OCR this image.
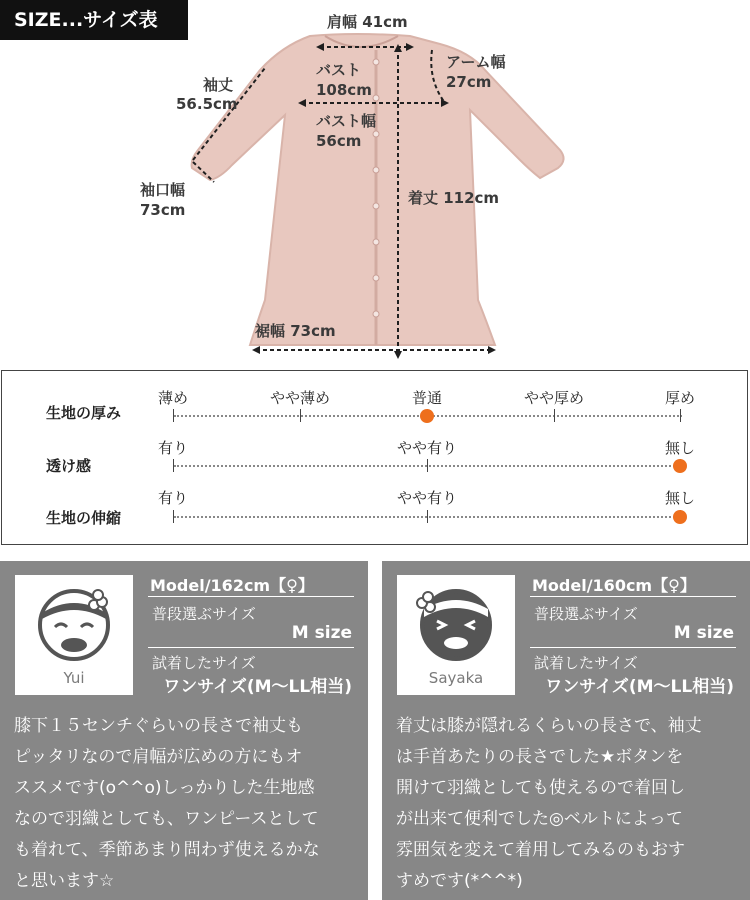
SIZE...サイズ表	肩幅 41cm
アーム幅
27cm
袖丈
56.5cm
バスト
108cm
バスト幅
56cm
袖口幅
73cm
着丈 112cm
裾幅 73cm
生地の厚み
薄め	やや薄め	普通	やや厚め	厚め
透け感
有り	やや有り	無し
生地の伸縮
有り	やや有り	無し
Yui
Model/162cm【♀】
普段選ぶサイズ
M size
試着したサイズ
ワンサイズ(M～LL相当)
膝下１５センチぐらいの長さで袖丈も
ピッタリなので肩幅が広めの方にもオ
ススメです(o^^o)しっかりした生地感
なので羽織としても、ワンピースとして
も着れて、季節あまり問わず使えるかな
と思います☆
Sayaka
Model/160cm【♀】
普段選ぶサイズ
M size
試着したサイズ
ワンサイズ(M～LL相当)
着丈は膝が隠れるくらいの長さで、袖丈
は手首あたりの長さでした★ボタンを
開けて羽織としても使えるので着回し
が出来て便利でした◎ベルトによって
雰囲気を変えて着用してみるのもおす
すめです(*^^*)
